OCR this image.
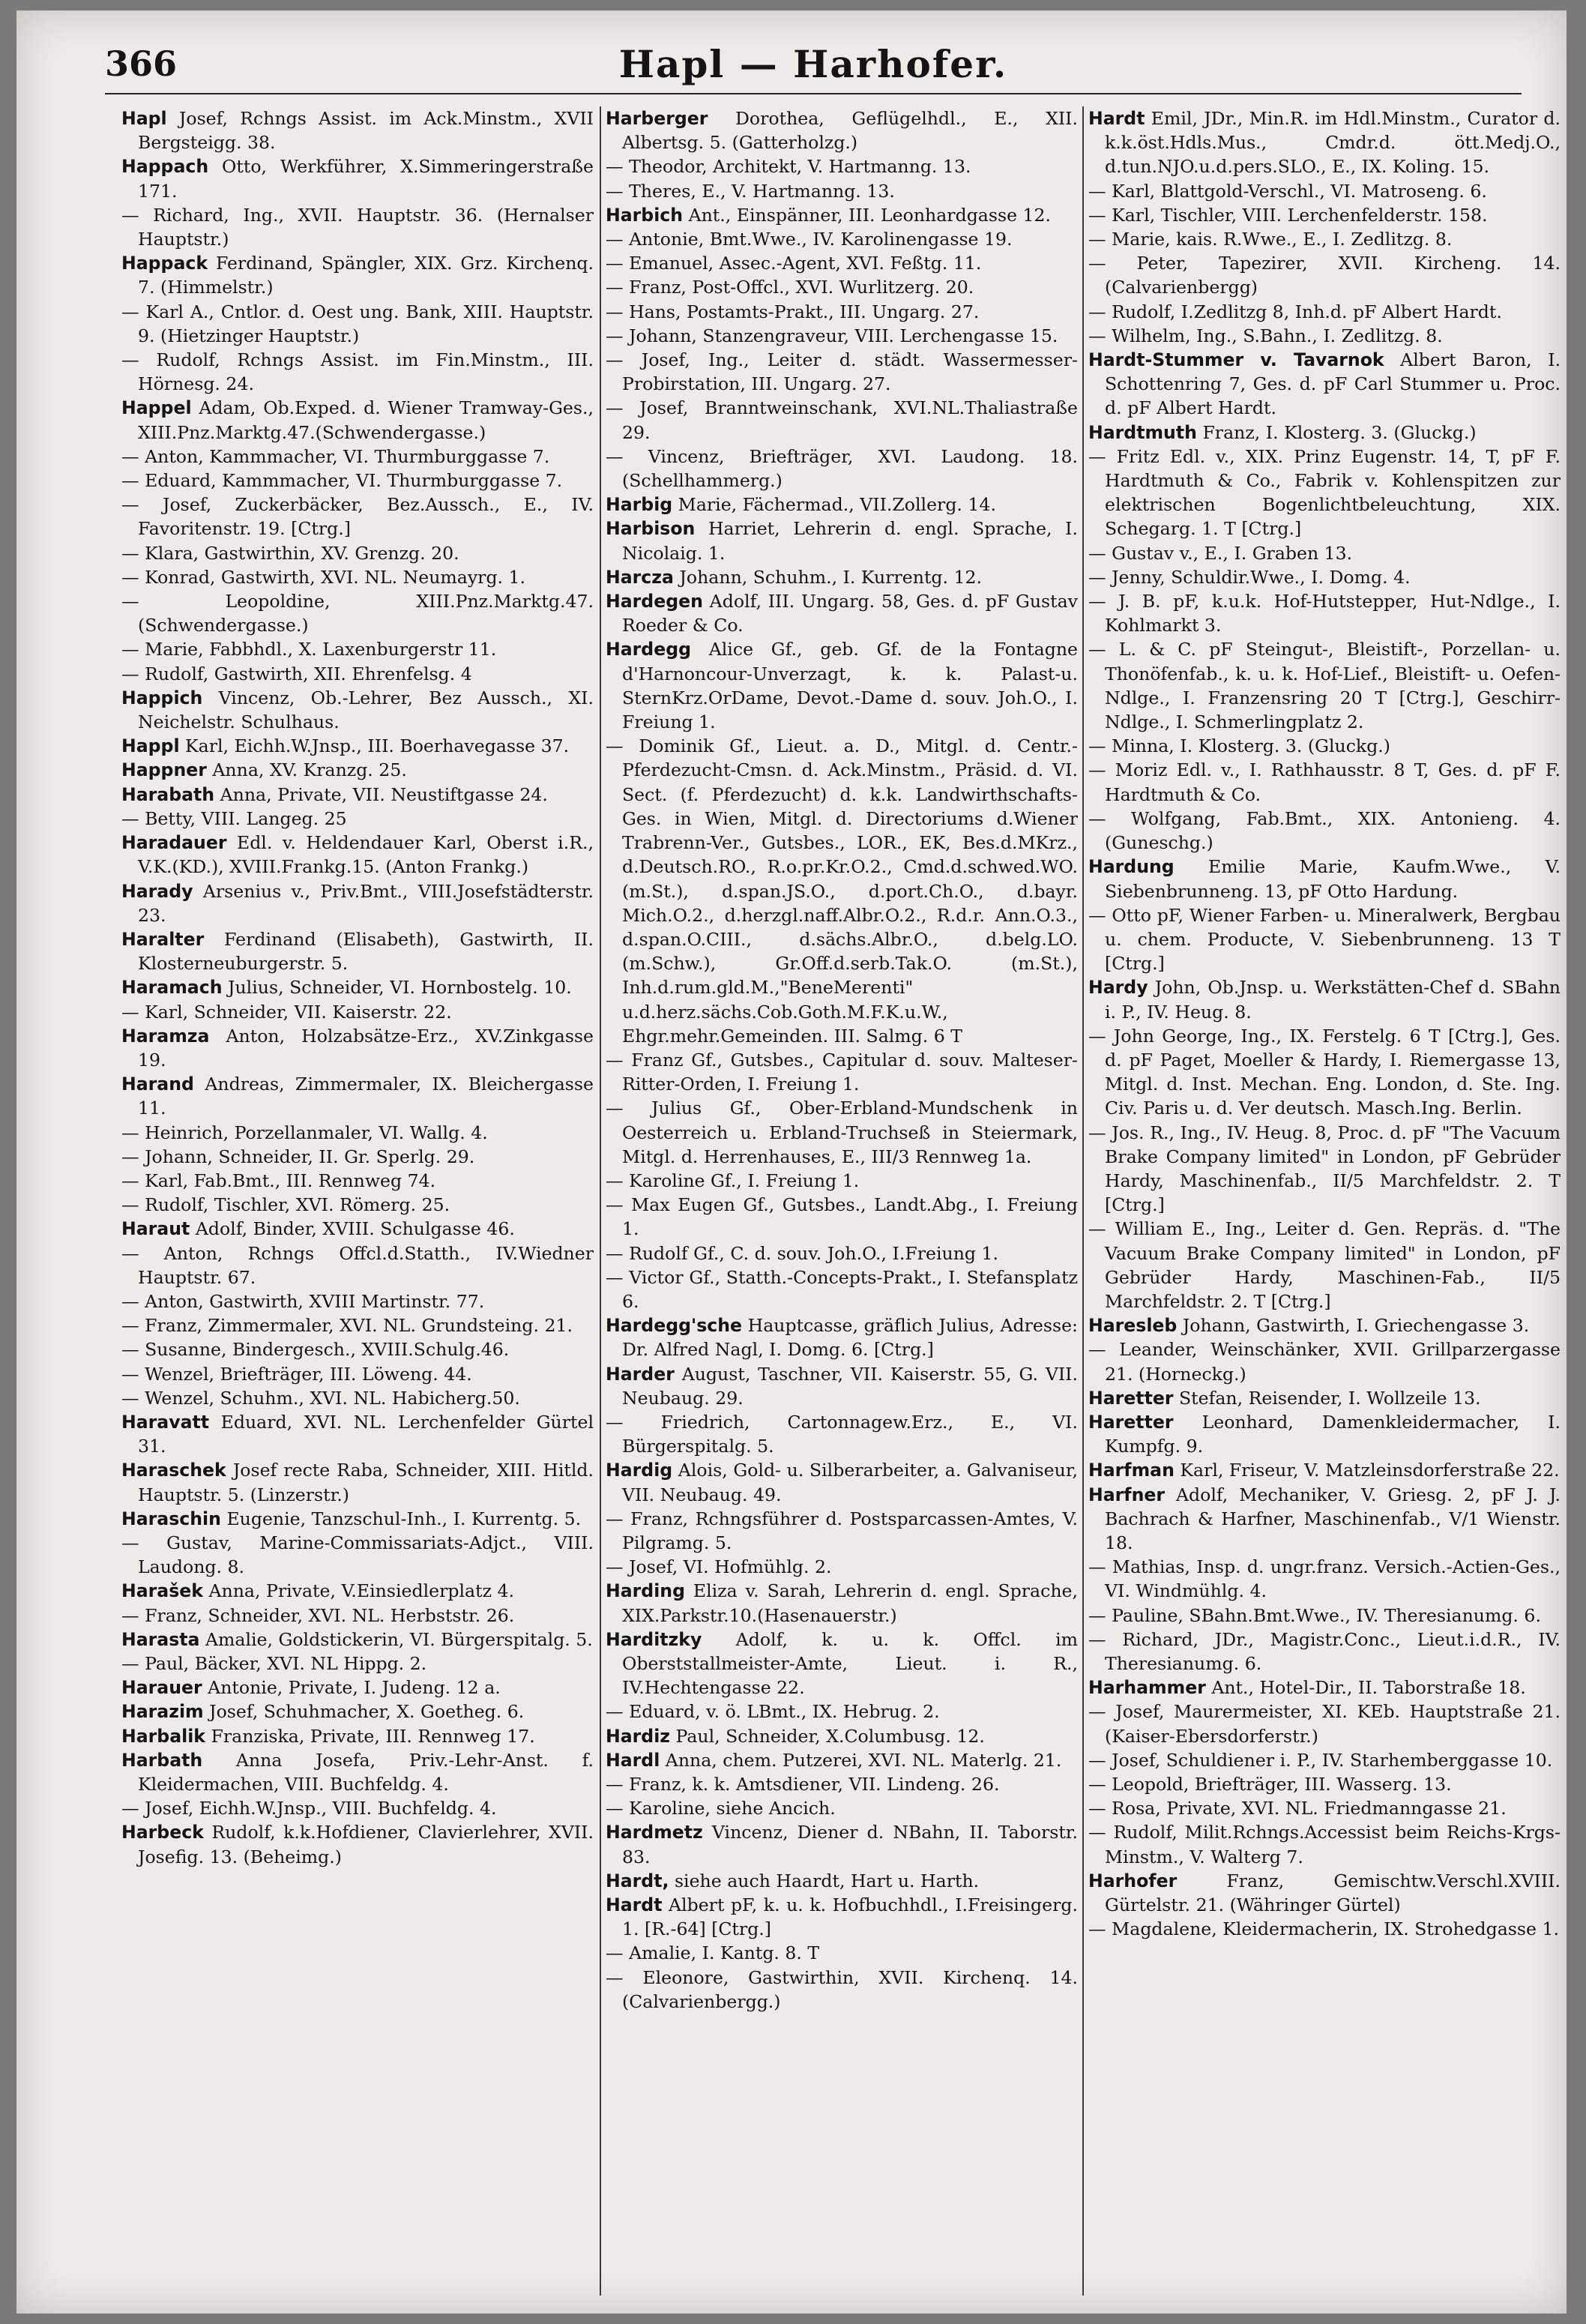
366	Hapl — Harhofer.

Hapl Josef, Rchngs Assist. im Ack.Minstm., XVII Bergsteigg. 38.

Happach Otto, Werkführer, X.Simmeringerstraße 171.

— Richard, Ing., XVII. Hauptstr. 36. (Hernalser Hauptstr.)

Happack Ferdinand, Spängler, XIX. Grz. Kirchenq. 7. (Himmelstr.)

— Karl A., Cntlor. d. Oest ung. Bank, XIII. Hauptstr. 9. (Hietzinger Hauptstr.)

— Rudolf, Rchngs Assist. im Fin.Minstm., III. Hörnesg. 24.

Happel Adam, Ob.Exped. d. Wiener Tramway-Ges., XIII.Pnz.Marktg.47.(Schwendergasse.)

— Anton, Kammmacher, VI. Thurmburggasse 7.

— Eduard, Kammmacher, VI. Thurmburggasse 7.

— Josef, Zuckerbäcker, Bez.Aussch., E., IV. Favoritenstr. 19. [Ctrg.]

— Klara, Gastwirthin, XV. Grenzg. 20.

— Konrad, Gastwirth, XVI. NL. Neumayrg. 1.

— Leopoldine, XIII.Pnz.Marktg.47.(Schwendergasse.)

— Marie, Fabbhdl., X. Laxenburgerstr 11.

— Rudolf, Gastwirth, XII. Ehrenfelsg. 4

Happich Vincenz, Ob.-Lehrer, Bez Aussch., XI. Neichelstr. Schulhaus.

Happl Karl, Eichh.W.Jnsp., III. Boerhavegasse 37.

Happner Anna, XV. Kranzg. 25.

Harabath Anna, Private, VII. Neustiftgasse 24.

— Betty, VIII. Langeg. 25

Haradauer Edl. v. Heldendauer Karl, Oberst i.R., V.K.(KD.), XVIII.Frankg.15. (Anton Frankg.)

Harady Arsenius v., Priv.Bmt., VIII.Josefstädterstr. 23.

Haralter Ferdinand (Elisabeth), Gastwirth, II. Klosterneuburgerstr. 5.

Haramach Julius, Schneider, VI. Hornbostelg. 10.

— Karl, Schneider, VII. Kaiserstr. 22.

Haramza Anton, Holzabsätze-Erz., XV.Zinkgasse 19.

Harand Andreas, Zimmermaler, IX. Bleichergasse 11.

— Heinrich, Porzellanmaler, VI. Wallg. 4.

— Johann, Schneider, II. Gr. Sperlg. 29.

— Karl, Fab.Bmt., III. Rennweg 74.

— Rudolf, Tischler, XVI. Römerg. 25.

Haraut Adolf, Binder, XVIII. Schulgasse 46.

— Anton, Rchngs Offcl.d.Statth., IV.Wiedner Hauptstr. 67.

— Anton, Gastwirth, XVIII Martinstr. 77.

— Franz, Zimmermaler, XVI. NL. Grundsteing. 21.

— Susanne, Bindergesch., XVIII.Schulg.46.

— Wenzel, Briefträger, III. Löweng. 44.

— Wenzel, Schuhm., XVI. NL. Habicherg.50.

Haravatt Eduard, XVI. NL. Lerchenfelder Gürtel 31.

Haraschek Josef recte Raba, Schneider, XIII. Hitld. Hauptstr. 5. (Linzerstr.)

Haraschin Eugenie, Tanzschul-Inh., I. Kurrentg. 5.

— Gustav, Marine-Commissariats-Adjct., VIII. Laudong. 8.

Harašek Anna, Private, V.Einsiedlerplatz 4.

— Franz, Schneider, XVI. NL. Herbststr. 26.

Harasta Amalie, Goldstickerin, VI. Bürgerspitalg. 5.

— Paul, Bäcker, XVI. NL Hippg. 2.

Harauer Antonie, Private, I. Judeng. 12 a.

Harazim Josef, Schuhmacher, X. Goetheg. 6.

Harbalik Franziska, Private, III. Rennweg 17.

Harbath Anna Josefa, Priv.-Lehr-Anst. f. Kleidermachen, VIII. Buchfeldg. 4.

— Josef, Eichh.W.Jnsp., VIII. Buchfeldg. 4.

Harbeck Rudolf, k.k.Hofdiener, Clavierlehrer, XVII. Josefig. 13. (Beheimg.)

Harberger Dorothea, Geflügelhdl., E., XII. Albertsg. 5. (Gatterholzg.)

— Theodor, Architekt, V. Hartmanng. 13.

— Theres, E., V. Hartmanng. 13.

Harbich Ant., Einspänner, III. Leonhardgasse 12.

— Antonie, Bmt.Wwe., IV. Karolinengasse 19.

— Emanuel, Assec.-Agent, XVI. Feßtg. 11.

— Franz, Post-Offcl., XVI. Wurlitzerg. 20.

— Hans, Postamts-Prakt., III. Ungarg. 27.

— Johann, Stanzengraveur, VIII. Lerchengasse 15.

— Josef, Ing., Leiter d. städt. Wassermesser-Probirstation, III. Ungarg. 27.

— Josef, Branntweinschank, XVI.NL.Thaliastraße 29.

— Vincenz, Briefträger, XVI. Laudong. 18. (Schellhammerg.)

Harbig Marie, Fächermad., VII.Zollerg. 14.

Harbison Harriet, Lehrerin d. engl. Sprache, I. Nicolaig. 1.

Harcza Johann, Schuhm., I. Kurrentg. 12.

Hardegen Adolf, III. Ungarg. 58, Ges. d. pF Gustav Roeder & Co.

Hardegg Alice Gf., geb. Gf. de la Fontagne d'Harnoncour-Unverzagt, k. k. Palast-u. SternKrz.OrDame, Devot.-Dame d. souv. Joh.O., I. Freiung 1.

— Dominik Gf., Lieut. a. D., Mitgl. d. Centr.-Pferdezucht-Cmsn. d. Ack.Minstm., Präsid. d. VI. Sect. (f. Pferdezucht) d. k.k. Landwirthschafts-Ges. in Wien, Mitgl. d. Directoriums d.Wiener Trabrenn-Ver., Gutsbes., LOR., EK, Bes.d.MKrz., d.Deutsch.RO., R.o.pr.Kr.O.2., Cmd.d.schwed.WO.(m.St.), d.span.JS.O., d.port.Ch.O., d.bayr. Mich.O.2., d.herzgl.naff.Albr.O.2., R.d.r. Ann.O.3., d.span.O.CIII., d.sächs.Albr.O., d.belg.LO.(m.Schw.), Gr.Off.d.serb.Tak.O. (m.St.), Inh.d.rum.gld.M.,"BeneMerenti" u.d.herz.sächs.Cob.Goth.M.F.K.u.W., Ehgr.mehr.Gemeinden. III. Salmg. 6 T

— Franz Gf., Gutsbes., Capitular d. souv. Malteser-Ritter-Orden, I. Freiung 1.

— Julius Gf., Ober-Erbland-Mundschenk in Oesterreich u. Erbland-Truchseß in Steiermark, Mitgl. d. Herrenhauses, E., III/3 Rennweg 1a.

— Karoline Gf., I. Freiung 1.

— Max Eugen Gf., Gutsbes., Landt.Abg., I. Freiung 1.

— Rudolf Gf., C. d. souv. Joh.O., I.Freiung 1.

— Victor Gf., Statth.-Concepts-Prakt., I. Stefansplatz 6.

Hardegg'sche Hauptcasse, gräflich Julius, Adresse: Dr. Alfred Nagl, I. Domg. 6. [Ctrg.]

Harder August, Taschner, VII. Kaiserstr. 55, G. VII. Neubaug. 29.

— Friedrich, Cartonnagew.Erz., E., VI. Bürgerspitalg. 5.

Hardig Alois, Gold- u. Silberarbeiter, a. Galvaniseur, VII. Neubaug. 49.

— Franz, Rchngsführer d. Postsparcassen-Amtes, V. Pilgramg. 5.

— Josef, VI. Hofmühlg. 2.

Harding Eliza v. Sarah, Lehrerin d. engl. Sprache, XIX.Parkstr.10.(Hasenauerstr.)

Harditzky Adolf, k. u. k. Offcl. im Oberststallmeister-Amte, Lieut. i. R., IV.Hechtengasse 22.

— Eduard, v. ö. LBmt., IX. Hebrug. 2.

Hardiz Paul, Schneider, X.Columbusg. 12.

Hardl Anna, chem. Putzerei, XVI. NL. Materlg. 21.

— Franz, k. k. Amtsdiener, VII. Lindeng. 26.

— Karoline, siehe Anciсh.

Hardmetz Vincenz, Diener d. NBahn, II. Taborstr. 83.

Hardt, siehe auch Haardt, Hart u. Harth.

Hardt Albert pF, k. u. k. Hofbuchhdl., I.Freisingerg. 1. [R.-64] [Ctrg.]

— Amalie, I. Kantg. 8. T

— Eleonore, Gastwirthin, XVII. Kirchenq. 14. (Calvarienbergg.)

Hardt Emil, JDr., Min.R. im Hdl.Minstm., Curator d. k.k.öst.Hdls.Mus., Cmdr.d. ött.Medj.O., d.tun.NJO.u.d.pers.SLO., E., IX. Koling. 15.

— Karl, Blattgold-Verschl., VI. Matroseng. 6.

— Karl, Tischler, VIII. Lerchenfelderstr. 158.

— Marie, kais. R.Wwe., E., I. Zedlitzg. 8.

— Peter, Tapezirer, XVII. Kircheng. 14. (Calvarienbergg)

— Rudolf, I.Zedlitzg 8, Inh.d. pF Albert Hardt.

— Wilhelm, Ing., S.Bahn., I. Zedlitzg. 8.

Hardt-Stummer v. Tavarnok Albert Baron, I. Schottenring 7, Ges. d. pF Carl Stummer u. Proc. d. pF Albert Hardt.

Hardtmuth Franz, I. Klosterg. 3. (Gluckg.)

— Fritz Edl. v., XIX. Prinz Eugenstr. 14, T, pF F. Hardtmuth & Co., Fabrik v. Kohlenspitzen zur elektrischen Bogenlichtbeleuchtung, XIX. Schegarg. 1. T [Ctrg.]

— Gustav v., E., I. Graben 13.

— Jenny, Schuldir.Wwe., I. Domg. 4.

— J. B. pF, k.u.k. Hof-Hutstepper, Hut-Ndlge., I. Kohlmarkt 3.

— L. & C. pF Steingut-, Bleistift-, Porzellan- u. Thonöfenfab., k. u. k. Hof-Lief., Bleistift- u. Oefen-Ndlge., I. Franzensring 20 T [Ctrg.], Geschirr-Ndlge., I. Schmerlingplatz 2.

— Minna, I. Klosterg. 3. (Gluckg.)

— Moriz Edl. v., I. Rathhausstr. 8 T, Ges. d. pF F. Hardtmuth & Co.

— Wolfgang, Fab.Bmt., XIX. Antonieng. 4. (Guneschg.)

Hardung Emilie Marie, Kaufm.Wwe., V. Siebenbrunneng. 13, pF Otto Hardung.

— Otto pF, Wiener Farben- u. Mineralwerk, Bergbau u. chem. Producte, V. Siebenbrunneng. 13 T [Ctrg.]

Hardy John, Ob.Jnsp. u. Werkstätten-Chef d. SBahn i. P., IV. Heug. 8.

— John George, Ing., IX. Ferstelg. 6 T [Ctrg.], Ges. d. pF Paget, Moeller & Hardy, I. Riemergasse 13, Mitgl. d. Inst. Mechan. Eng. London, d. Ste. Ing. Civ. Paris u. d. Ver deutsch. Masch.Ing. Berlin.

— Jos. R., Ing., IV. Heug. 8, Proc. d. pF "The Vacuum Brake Company limited" in London, pF Gebrüder Hardy, Maschinenfab., II/5 Marchfeldstr. 2. T [Ctrg.]

— William E., Ing., Leiter d. Gen. Repräs. d. "The Vacuum Brake Company limited" in London, pF Gebrüder Hardy, Maschinen-Fab., II/5 Marchfeldstr. 2. T [Ctrg.]

Haresleb Johann, Gastwirth, I. Griechengasse 3.

— Leander, Weinschänker, XVII. Grillparzergasse 21. (Horneckg.)

Haretter Stefan, Reisender, I. Wollzeile 13.

Haretter Leonhard, Damenkleidermacher, I. Kumpfg. 9.

Harfman Karl, Friseur, V. Matzleinsdorferstraße 22.

Harfner Adolf, Mechaniker, V. Griesg. 2, pF J. J. Bachrach & Harfner, Maschinenfab., V/1 Wienstr. 18.

— Mathias, Insp. d. ungr.franz. Versich.-Actien-Ges., VI. Windmühlg. 4.

— Pauline, SBahn.Bmt.Wwe., IV. Theresianumg. 6.

— Richard, JDr., Magistr.Conc., Lieut.i.d.R., IV. Theresianumg. 6.

Harhammer Ant., Hotel-Dir., II. Taborstraße 18.

— Josef, Maurermeister, XI. KEb. Hauptstraße 21. (Kaiser-Ebersdorferstr.)

— Josef, Schuldiener i. P., IV. Starhemberggasse 10.

— Leopold, Briefträger, III. Wasserg. 13.

— Rosa, Private, XVI. NL. Friedmanngasse 21.

— Rudolf, Milit.Rchngs.Accessist beim Reichs-Krgs-Minstm., V. Walterg 7.

Harhofer	Franz, Gemischtw.Verschl.XVIII. Gürtelstr. 21. (Währinger Gürtel)

— Magdalene, Kleidermacherin, IX. Strohedgasse 1.
